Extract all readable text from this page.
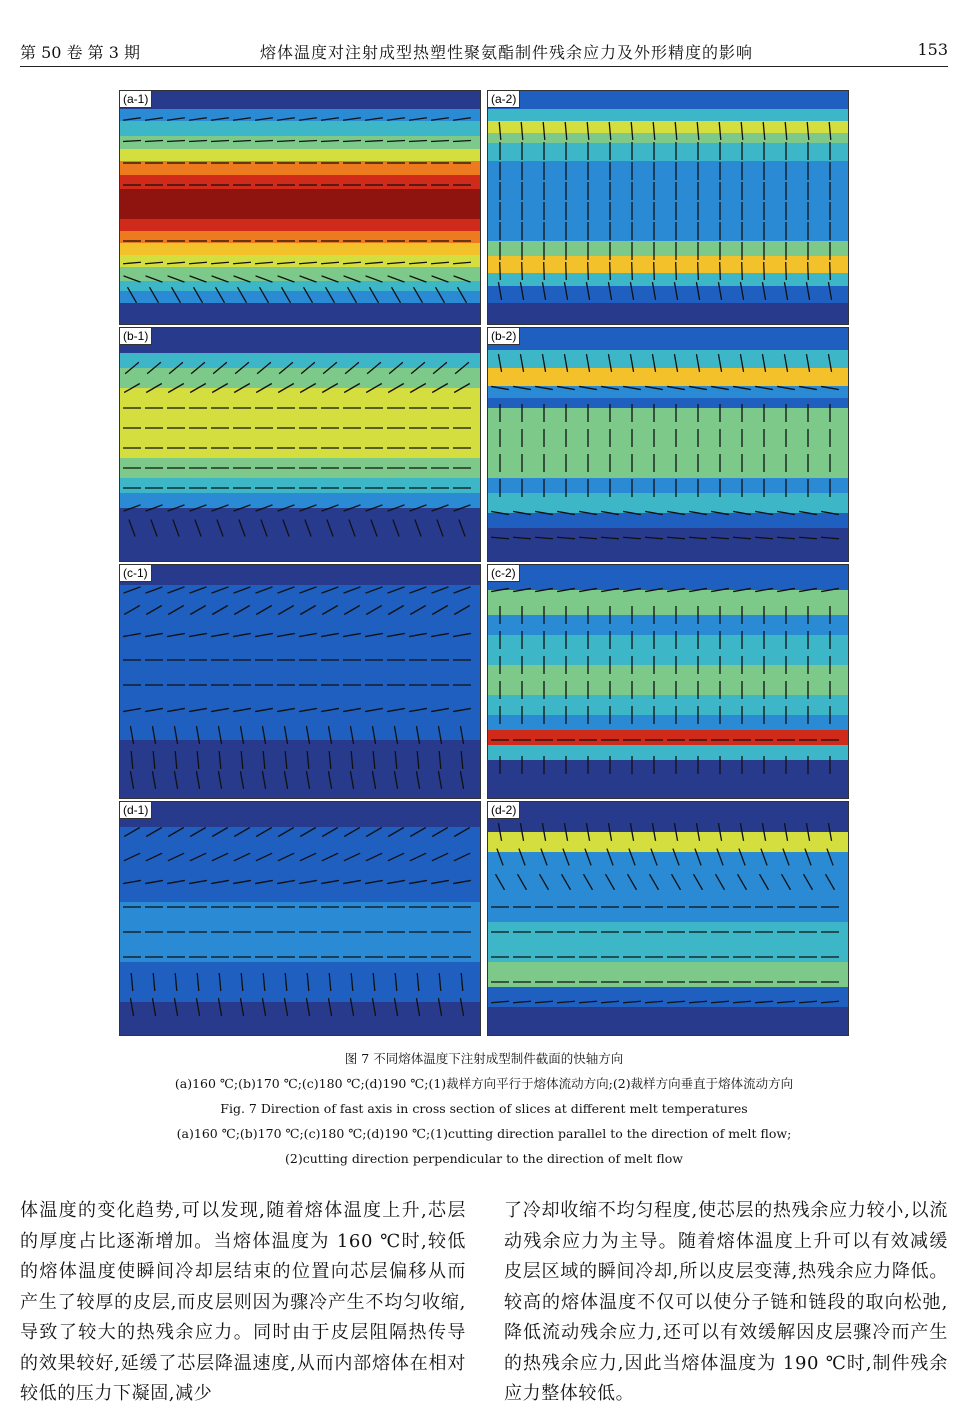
第 50 卷 第 3 期	熔体温度对注射成型热塑性聚氨酯制件残余应力及外形精度的影响	153
(a-1)	(a-2)
(b-1)	(b-2)
(c-1)	(c-2)
(d-1)	(d-2)
图 7 不同熔体温度下注射成型制件截面的快轴方向
(a)160 ℃;(b)170 ℃;(c)180 ℃;(d)190 ℃;(1)裁样方向平行于熔体流动方向;(2)裁样方向垂直于熔体流动方向
Fig. 7 Direction of fast axis in cross section of slices at different melt temperatures
(a)160 ℃;(b)170 ℃;(c)180 ℃;(d)190 ℃;(1)cutting direction parallel to the direction of melt flow;
(2)cutting direction perpendicular to the direction of melt flow
体温度的变化趋势,可以发现,随着熔体温度上升,芯层的厚度占比逐渐增加。当熔体温度为 160 ℃时,较低的熔体温度使瞬间冷却层结束的位置向芯层偏移从而产生了较厚的皮层,而皮层则因为骤冷产生不均匀收缩,导致了较大的热残余应力。同时由于皮层阻隔热传导的效果较好,延缓了芯层降温速度,从而内部熔体在相对较低的压力下凝固,减少
了冷却收缩不均匀程度,使芯层的热残余应力较小,以流动残余应力为主导。随着熔体温度上升可以有效减缓皮层区域的瞬间冷却,所以皮层变薄,热残余应力降低。较高的熔体温度不仅可以使分子链和链段的取向松弛,降低流动残余应力,还可以有效缓解因皮层骤冷而产生的热残余应力,因此当熔体温度为 190 ℃时,制件残余应力整体较低。
